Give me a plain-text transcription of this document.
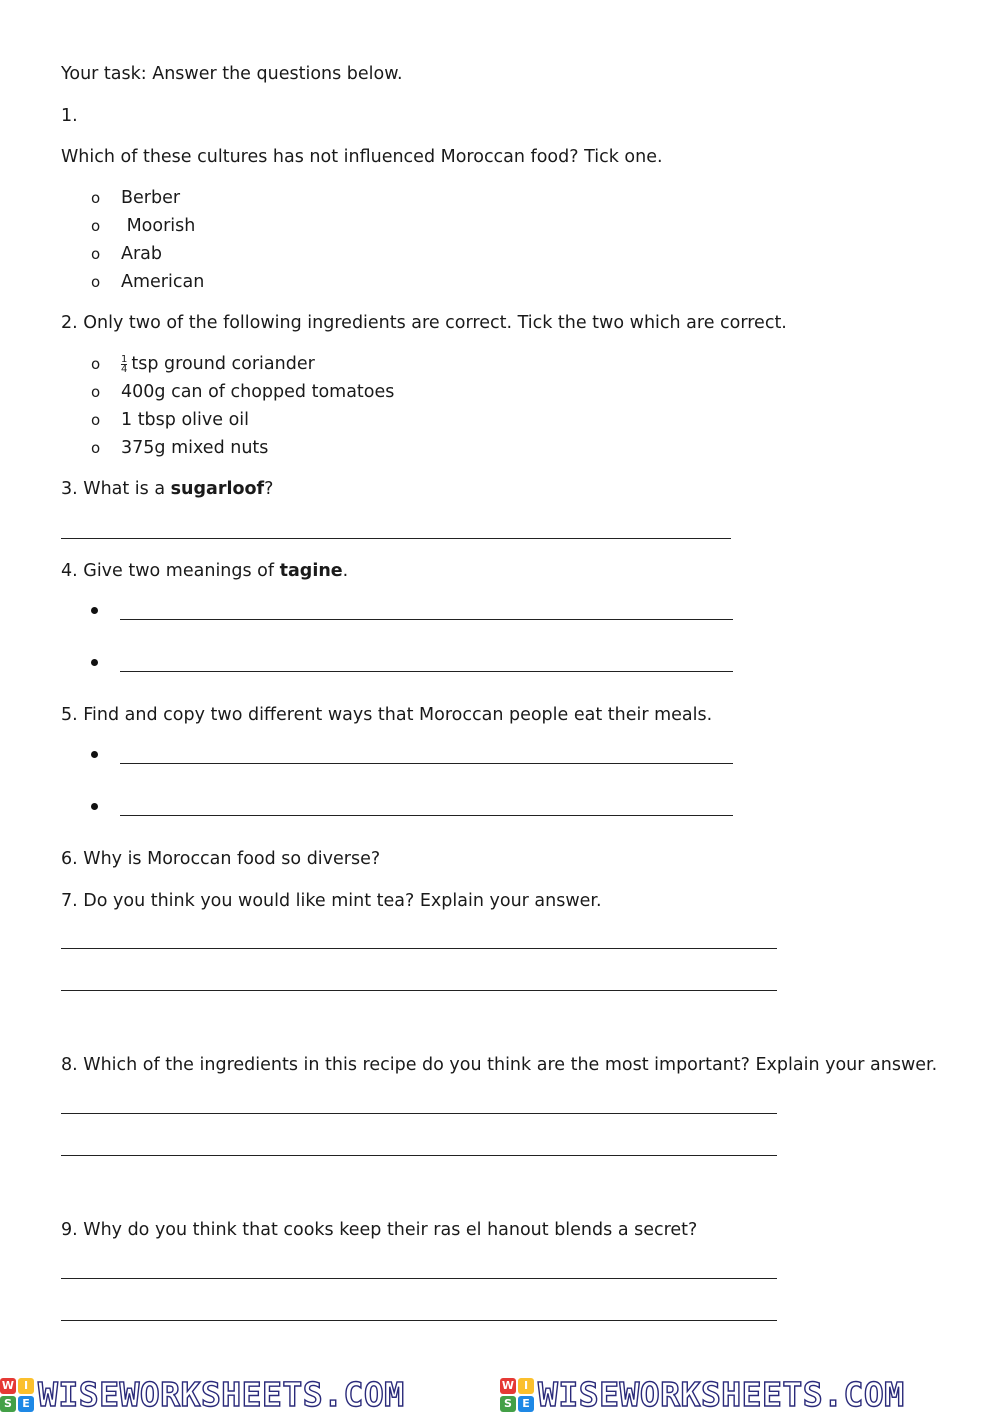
Your task: Answer the questions below.
1.
Which of these cultures has not influenced Moroccan food? Tick one.
o Berber
o Moorish
o Arab
o American
2. Only two of the following ingredients are correct. Tick the two which are correct.
o $\frac{1}{4}$ tsp ground coriander
o 400g can of chopped tomatoes
o 1 tbsp olive oil
o 375g mixed nuts
3. What is a sugarloof?
4. Give two meanings of tagine.
5. Find and copy two different ways that Moroccan people eat their meals.
6. Why is Moroccan food so diverse?
7. Do you think you would like mint tea? Explain your answer.
8. Which of the ingredients in this recipe do you think are the most important? Explain your answer.
9. Why do you think that cooks keep their ras el hanout blends a secret?
W I
S E WISEWORKSHEETS.COM	W I
S E WISEWORKSHEETS.COM
